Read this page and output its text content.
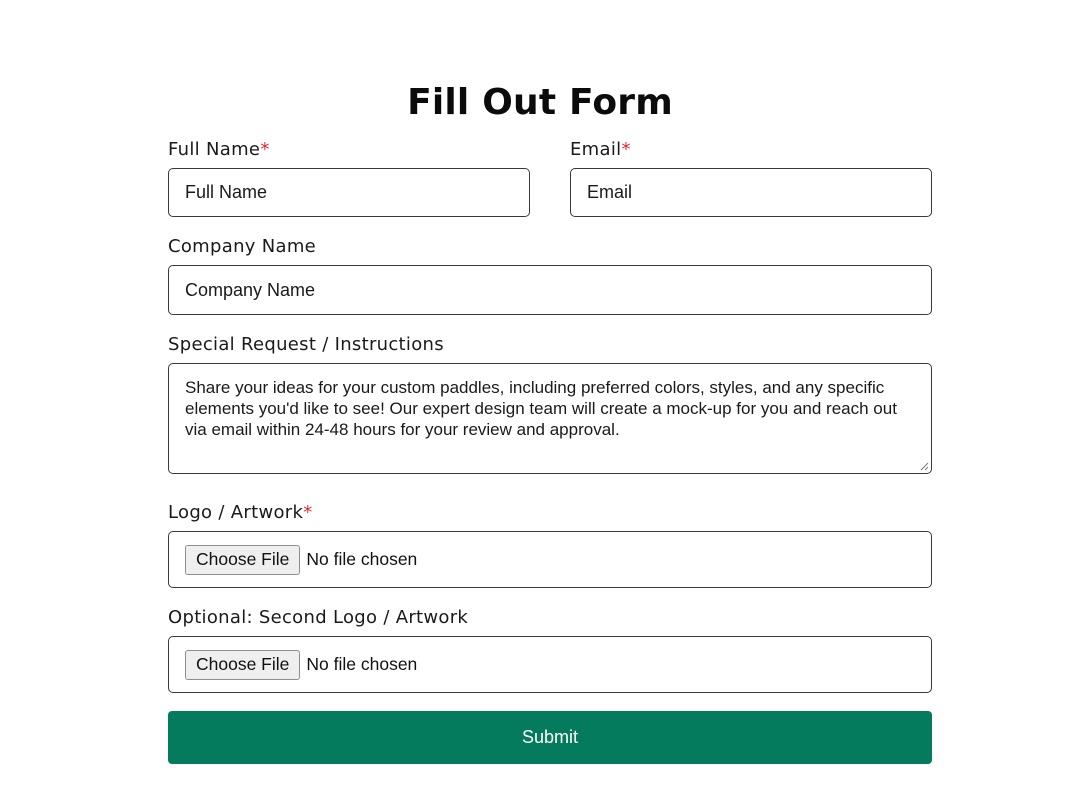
Fill Out Form
Full Name*
Full Name
Email*
Email
Company Name
Company Name
Special Request / Instructions
Share your ideas for your custom paddles, including preferred colors, styles, and any specific elements you'd like to see! Our expert design team will create a mock-up for you and reach out via email within 24-48 hours for your review and approval.
Logo / Artwork*
Choose File No file chosen
Optional: Second Logo / Artwork
Choose File No file chosen
Submit
